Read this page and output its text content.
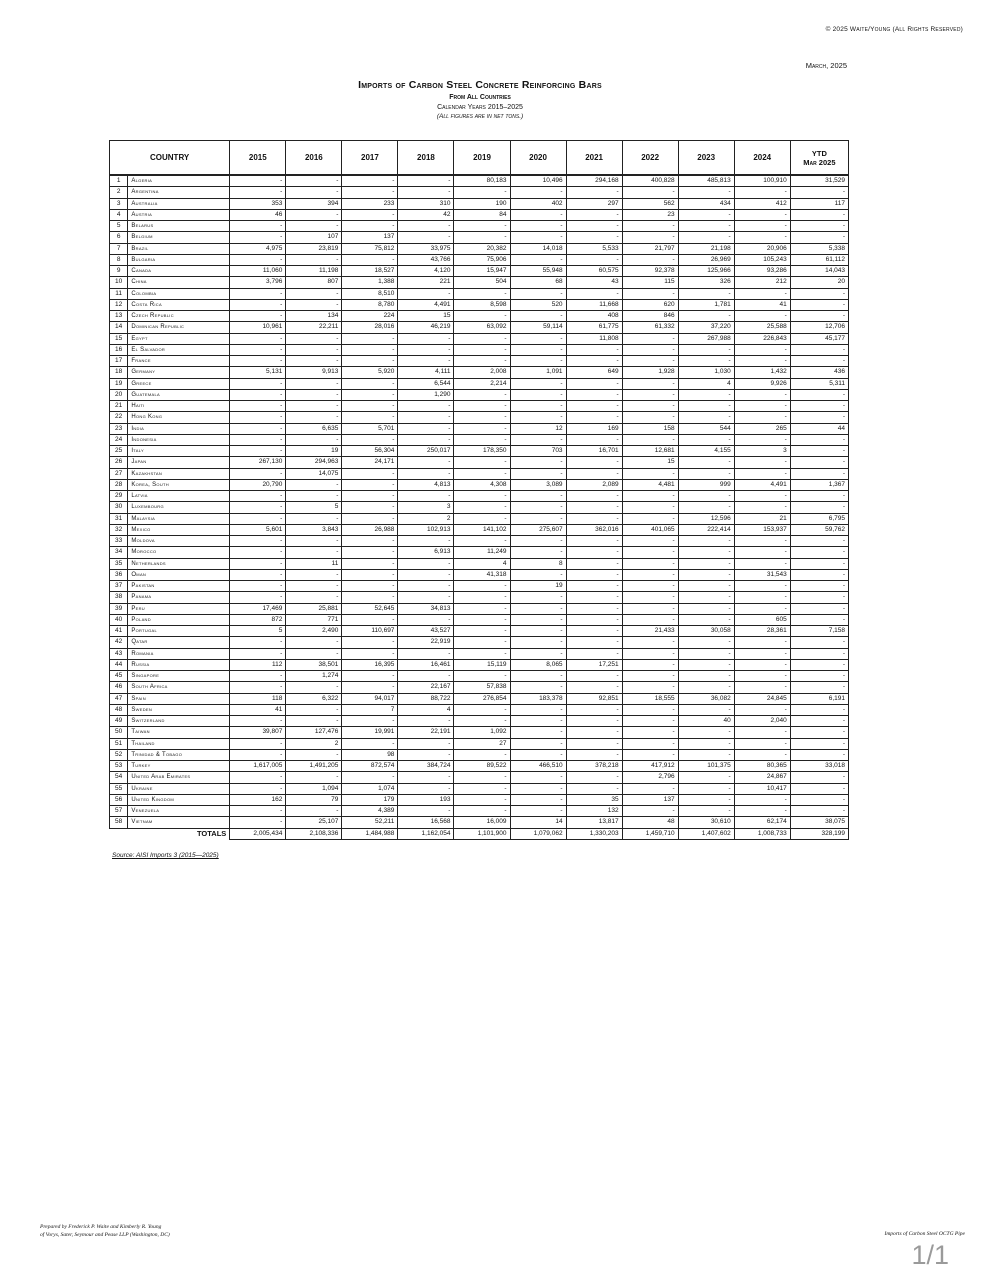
© 2025 Waite/Young (All Rights Reserved)
March, 2025
Imports of Carbon Steel Concrete Reinforcing Bars
From All Countries
Calendar Years 2015–2025
(All figures are in net tons.)
COUNTRY		2015	2016	2017	2018	2019	2020	2021	2022	2023	2024	YTD
Mar 2025

1	Algeria	-	-	-	-	80,183	10,496	294,168	400,828	485,813	100,910	31,529
2	Argentina	-	-	-	-	-	-	-	-	-	-	-
3	Australia	353	394	233	310	190	402	297	562	434	412	117
4	Austria	46	-	-	42	84	-	-	23	-	-	-
5	Belarus	-	-	-	-	-	-	-	-	-	-	-
6	Belgium	-	107	137	-	-	-	-	-	-	-	-
7	Brazil	4,975	23,819	75,812	33,975	20,382	14,018	5,533	21,797	21,198	20,906	5,338
8	Bulgaria	-	-	-	43,766	75,906	-	-	-	26,969	105,243	61,112
9	Canada	11,060	11,198	18,527	4,120	15,947	55,948	60,575	92,378	125,966	93,286	14,043
10	China	3,796	807	1,388	221	504	68	43	115	326	212	20
11	Colombia	-	-	8,510	-	-	-	-	-	-	-	-
12	Costa Rica	-	-	8,780	4,491	8,598	520	11,668	620	1,781	41	-
13	Czech Republic	-	134	224	15	-	-	408	846	-	-	-
14	Dominican Republic	10,961	22,211	28,016	46,219	63,092	59,114	61,775	61,332	37,220	25,588	12,706
15	Egypt	-	-	-	-	-	-	11,808	-	267,988	226,843	45,177
16	El Salvador	-	-	-	-	-	-	-	-	-	-	-
17	France	-	-	-	-	-	-	-	-	-	-	-
18	Germany	5,131	9,913	5,920	4,111	2,008	1,091	649	1,928	1,030	1,432	436
19	Greece	-	-	-	6,544	2,214	-	-	-	4	9,926	5,311
20	Guatemala	-	-	-	1,290	-	-	-	-	-	-	-
21	Haiti	-	-	-	-	-	-	-	-	-	-	-
22	Hong Kong	-	-	-	-	-	-	-	-	-	-	-
23	India	-	6,635	5,701	-	-	12	169	158	544	265	44
24	Indonesia	-	-	-	-	-	-	-	-	-	-	-
25	Italy	-	19	56,304	250,017	178,350	703	16,701	12,681	4,155	3	-
26	Japan	267,130	294,963	24,171	-	-	-	-	15	-	-	-
27	Kazakhstan	-	14,075	-	-	-	-	-	-	-	-	-
28	Korea, South	20,790	-	-	4,813	4,308	3,089	2,089	4,481	999	4,491	1,367
29	Latvia	-	-	-	-	-	-	-	-	-	-	-
30	Luxembourg	-	5	-	3	-	-	-	-	-	-	-
31	Malaysia	-	-	-	2	-	-	-	-	12,596	21	6,795
32	Mexico	5,601	3,843	26,988	102,913	141,102	275,607	362,016	401,065	222,414	153,937	59,762
33	Moldova	-	-	-	-	-	-	-	-	-	-	-
34	Morocco	-	-	-	6,913	11,249	-	-	-	-	-	-
35	Netherlands	-	11	-	-	4	8	-	-	-	-	-
36	Oman	-	-	-	-	41,318	-	-	-	-	31,543	-
37	Pakistan	-	-	-	-	-	19	-	-	-	-	-
38	Panama	-	-	-	-	-	-	-	-	-	-	-
39	Peru	17,469	25,881	52,645	34,813	-	-	-	-	-	-	-
40	Poland	872	771	-	-	-	-	-	-	-	605	-
41	Portugal	5	2,490	110,697	43,527	-	-	-	21,433	30,058	28,361	7,158
42	Qatar	-	-	-	22,919	-	-	-	-	-	-	-
43	Romania	-	-	-	-	-	-	-	-	-	-	-
44	Russia	112	38,501	16,395	16,461	15,119	8,065	17,251	-	-	-	-
45	Singapore	-	1,274	-	-	-	-	-	-	-	-	-
46	South Africa	-	-	-	22,167	57,838	-	-	-	-	-	-
47	Spain	118	6,322	94,017	88,722	276,854	183,378	92,851	18,555	36,082	24,845	6,191
48	Sweden	41	-	7	4	-	-	-	-	-	-	-
49	Switzerland	-	-	-	-	-	-	-	-	40	2,040	-
50	Taiwan	39,807	127,476	19,991	22,191	1,092	-	-	-	-	-	-
51	Thailand	-	2	-	-	27	-	-	-	-	-	-
52	Trinidad & Tobago	-	-	98	-	-	-	-	-	-	-	-
53	Turkey	1,617,005	1,491,205	872,574	384,724	89,522	466,510	378,218	417,912	101,375	80,365	33,018
54	United Arab Emirates	-	-	-	-	-	-	-	2,796	-	24,867	-
55	Ukraine	-	1,094	1,074	-	-	-	-	-	-	10,417	-
56	United Kingdom	162	79	179	193	-	-	35	137	-	-	-
57	Venezuela	-	-	4,389	-	-	-	132	-	-	-	-
58	Vietnam	-	25,107	52,211	16,568	16,009	14	13,817	48	30,610	62,174	38,075
	TOTALS	2,005,434	2,108,336	1,484,988	1,162,054	1,101,900	1,079,062	1,330,203	1,459,710	1,407,602	1,008,733	328,199
Source: AISI Imports 3 (2015—2025)
Prepared by Frederick P. Waite and Kimberly R. Young
of Vorys, Sater, Seymour and Pease LLP (Washington, DC)	Imports of Carbon Steel OCTG Pipe
1/1
